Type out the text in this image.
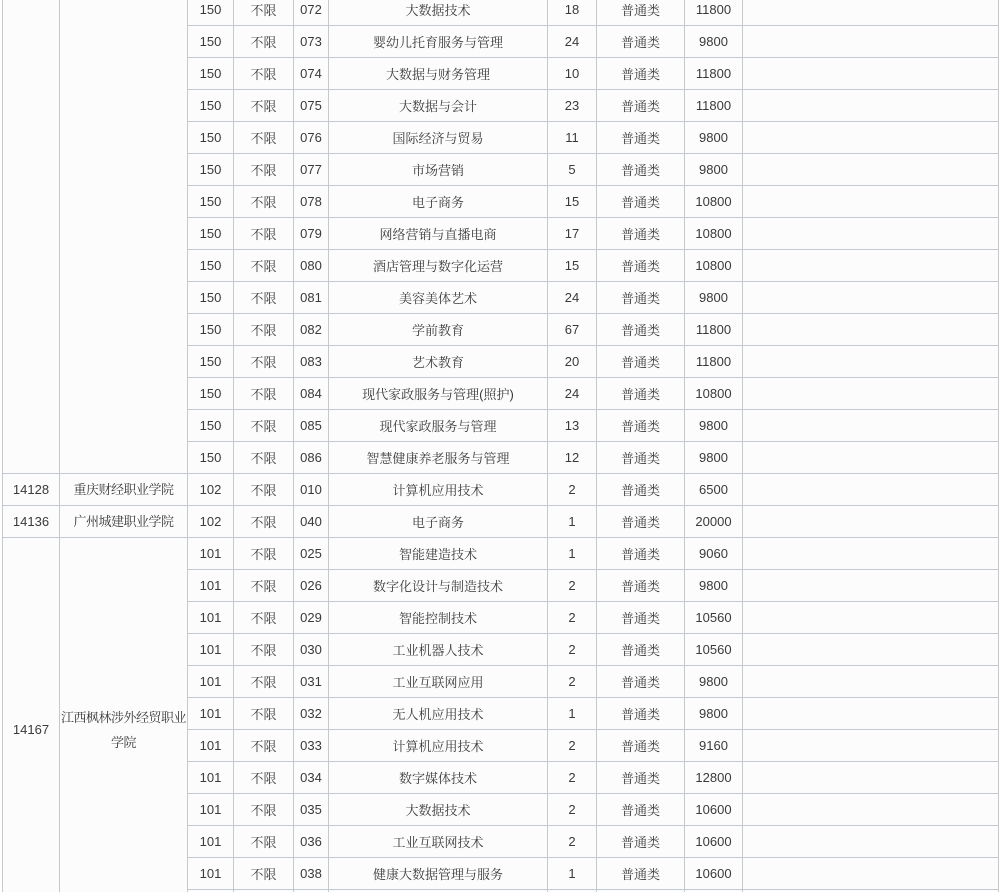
		150	不限	072	大数据技术	18	普通类	11800	
		150	不限	073	婴幼儿托育服务与管理	24	普通类	9800	
		150	不限	074	大数据与财务管理	10	普通类	11800	
		150	不限	075	大数据与会计	23	普通类	11800	
		150	不限	076	国际经济与贸易	11	普通类	9800	
		150	不限	077	市场营销	5	普通类	9800	
		150	不限	078	电子商务	15	普通类	10800	
		150	不限	079	网络营销与直播电商	17	普通类	10800	
		150	不限	080	酒店管理与数字化运营	15	普通类	10800	
		150	不限	081	美容美体艺术	24	普通类	9800	
		150	不限	082	学前教育	67	普通类	11800	
		150	不限	083	艺术教育	20	普通类	11800	
		150	不限	084	现代家政服务与管理(照护)	24	普通类	10800	
		150	不限	085	现代家政服务与管理	13	普通类	9800	
		150	不限	086	智慧健康养老服务与管理	12	普通类	9800	
14128	重庆财经职业学院	102	不限	010	计算机应用技术	2	普通类	6500	
14136	广州城建职业学院	102	不限	040	电子商务	1	普通类	20000	
14167	江西枫林涉外经贸职业学院	101	不限	025	智能建造技术	1	普通类	9060	
		101	不限	026	数字化设计与制造技术	2	普通类	9800	
		101	不限	029	智能控制技术	2	普通类	10560	
		101	不限	030	工业机器人技术	2	普通类	10560	
		101	不限	031	工业互联网应用	2	普通类	9800	
		101	不限	032	无人机应用技术	1	普通类	9800	
		101	不限	033	计算机应用技术	2	普通类	9160	
		101	不限	034	数字媒体技术	2	普通类	12800	
		101	不限	035	大数据技术	2	普通类	10600	
		101	不限	036	工业互联网技术	2	普通类	10600	
		101	不限	038	健康大数据管理与服务	1	普通类	10600	
